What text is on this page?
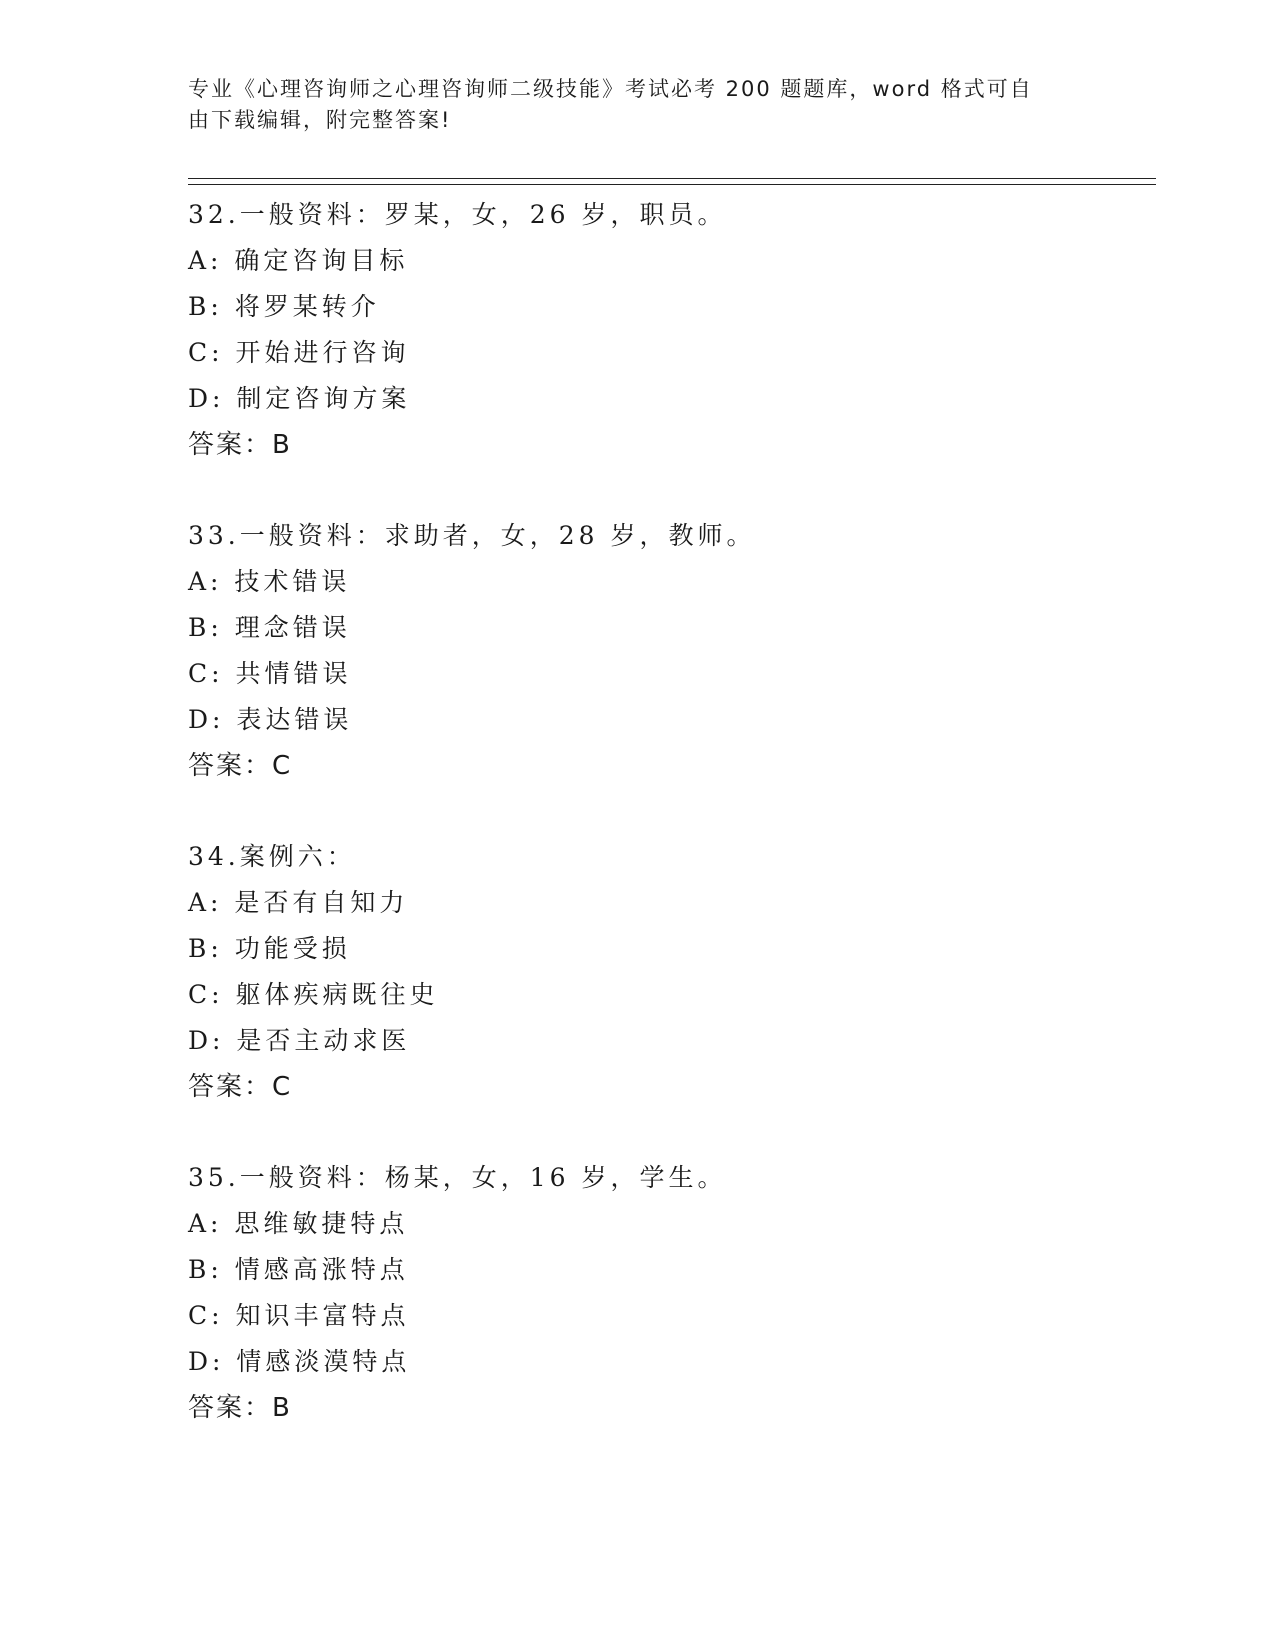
专业《心理咨询师之心理咨询师二级技能》考试必考 200 题题库，word 格式可自
由下载编辑，附完整答案!
32.一般资料：罗某，女，26 岁，职员。
A: 确定咨询目标
B: 将罗某转介
C: 开始进行咨询
D: 制定咨询方案
答案：B
33.一般资料：求助者，女，28 岁，教师。
A: 技术错误
B: 理念错误
C: 共情错误
D: 表达错误
答案：C
34.案例六：
A: 是否有自知力
B: 功能受损
C: 躯体疾病既往史
D: 是否主动求医
答案：C
35.一般资料：杨某，女，16 岁，学生。
A: 思维敏捷特点
B: 情感高涨特点
C: 知识丰富特点
D: 情感淡漠特点
答案：B
